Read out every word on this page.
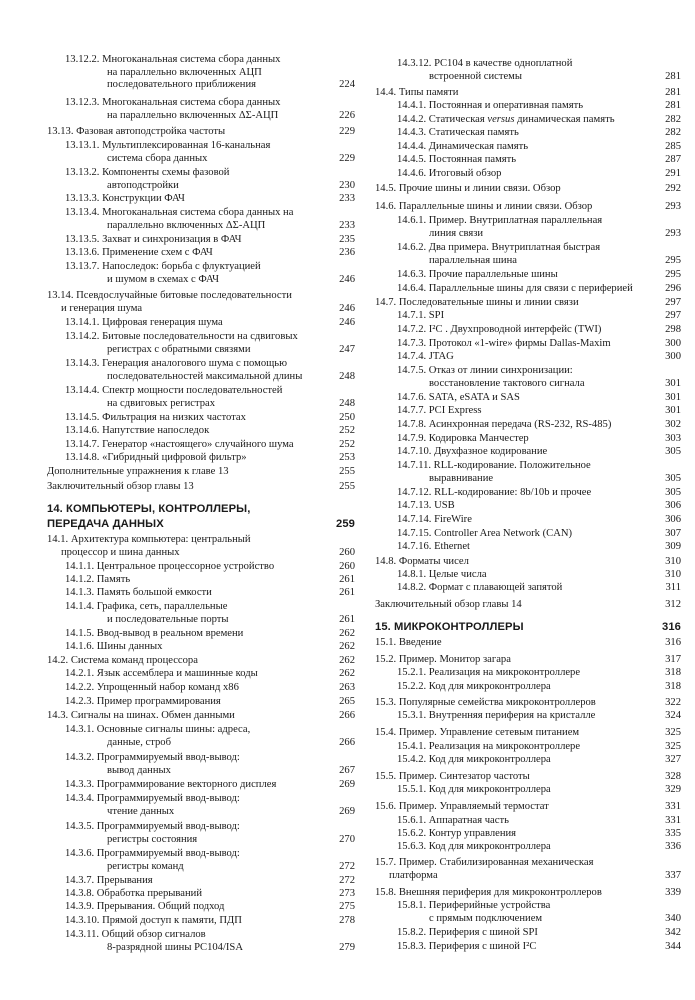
13.12.2. Многоканальная система сбора данных
на параллельно включенных АЦП
последовательного приближения	224
13.12.3. Многоканальная система сбора данных
на параллельно включенных ΔΣ-АЦП	226
13.13. Фазовая автоподстройка частоты	229
13.13.1. Мультиплексированная 16-канальная
система сбора данных	229
13.13.2. Компоненты схемы фазовой
автоподстройки	230
13.13.3. Конструкции ФАЧ	233
13.13.4. Многоканальная система сбора данных на
параллельно включенных ΔΣ-АЦП	233
13.13.5. Захват и синхронизация в ФАЧ	235
13.13.6. Применение схем с ФАЧ	236
13.13.7. Напоследок: борьба с флуктуацией
и шумом в схемах с ФАЧ	246
13.14. Псевдослучайные битовые последовательности
и генерация шума	246
13.14.1. Цифровая генерация шума	246
13.14.2. Битовые последовательности на сдвиговых
регистрах с обратными связями	247
13.14.3. Генерация аналогового шума с помощью
последовательностей максимальной длины	248
13.14.4. Спектр мощности последовательностей
на сдвиговых регистрах	248
13.14.5. Фильтрация на низких частотах	250
13.14.6. Напутствие напоследок	252
13.14.7. Генератор «настоящего» случайного шума	252
13.14.8. «Гибридный цифровой фильтр»	253
Дополнительные упражнения к главе 13	255
Заключительный обзор главы 13	255
14. КОМПЬЮТЕРЫ, КОНТРОЛЛЕРЫ,
ПЕРЕДАЧА ДАННЫХ	259
14.1. Архитектура компьютера: центральный
процессор и шина данных	260
14.1.1. Центральное процессорное устройство	260
14.1.2. Память	261
14.1.3. Память большой емкости	261
14.1.4. Графика, сеть, параллельные
и последовательные порты	261
14.1.5. Ввод-вывод в реальном времени	262
14.1.6. Шины данных	262
14.2. Система команд процессора	262
14.2.1. Язык ассемблера и машинные коды	262
14.2.2. Упрощенный набор команд x86	263
14.2.3. Пример программирования	265
14.3. Сигналы на шинах. Обмен данными	266
14.3.1. Основные сигналы шины: адреса,
данные, строб	266
14.3.2. Программируемый ввод-вывод:
вывод данных	267
14.3.3. Программирование векторного дисплея	269
14.3.4. Программируемый ввод-вывод:
чтение данных	269
14.3.5. Программируемый ввод-вывод:
регистры состояния	270
14.3.6. Программируемый ввод-вывод:
регистры команд	272
14.3.7. Прерывания	272
14.3.8. Обработка прерываний	273
14.3.9. Прерывания. Общий подход	275
14.3.10. Прямой доступ к памяти, ПДП	278
14.3.11. Общий обзор сигналов
8-разрядной шины PC104/ISA	279
14.3.12. PC104 в качестве одноплатной
встроенной системы	281
14.4. Типы памяти	281
14.4.1. Постоянная и оперативная память	281
14.4.2. Статическая versus динамическая память	282
14.4.3. Статическая память	282
14.4.4. Динамическая память	285
14.4.5. Постоянная память	287
14.4.6. Итоговый обзор	291
14.5. Прочие шины и линии связи. Обзор	292
14.6. Параллельные шины и линии связи. Обзор	293
14.6.1. Пример. Внутриплатная параллельная
линия связи	293
14.6.2. Два примера. Внутриплатная быстрая
параллельная шина	295
14.6.3. Прочие параллельные шины	295
14.6.4. Параллельные шины для связи с периферией	296
14.7. Последовательные шины и линии связи	297
14.7.1. SPI	297
14.7.2. I²C . Двухпроводной интерфейс (TWI)	298
14.7.3. Протокол «1-wire» фирмы Dallas-Maxim	300
14.7.4. JTAG	300
14.7.5. Отказ от линии синхронизации:
восстановление тактового сигнала	301
14.7.6. SATA, eSATA и SAS	301
14.7.7. PCI Express	301
14.7.8. Асинхронная передача (RS-232, RS-485)	302
14.7.9. Кодировка Манчестер	303
14.7.10. Двухфазное кодирование	305
14.7.11. RLL-кодирование. Положительное
выравнивание	305
14.7.12. RLL-кодирование: 8b/10b и прочее	305
14.7.13. USB	306
14.7.14. FireWire	306
14.7.15. Controller Area Network (CAN)	307
14.7.16. Ethernet	309
14.8. Форматы чисел	310
14.8.1. Целые числа	310
14.8.2. Формат с плавающей запятой	311
Заключительный обзор главы 14	312
15. МИКРОКОНТРОЛЛЕРЫ	316
15.1. Введение	316
15.2. Пример. Монитор загара	317
15.2.1. Реализация на микроконтроллере	318
15.2.2. Код для микроконтроллера	318
15.3. Популярные семейства микроконтроллеров	322
15.3.1. Внутренняя периферия на кристалле	324
15.4. Пример. Управление сетевым питанием	325
15.4.1. Реализация на микроконтроллере	325
15.4.2. Код для микроконтроллера	327
15.5. Пример. Синтезатор частоты	328
15.5.1. Код для микроконтроллера	329
15.6. Пример. Управляемый термостат	331
15.6.1. Аппаратная часть	331
15.6.2. Контур управления	335
15.6.3. Код для микроконтроллера	336
15.7. Пример. Стабилизированная механическая
платформа	337
15.8. Внешняя периферия для микроконтроллеров	339
15.8.1. Периферийные устройства
с прямым подключением	340
15.8.2. Периферия с шиной SPI	342
15.8.3. Периферия с шиной I²C	344
